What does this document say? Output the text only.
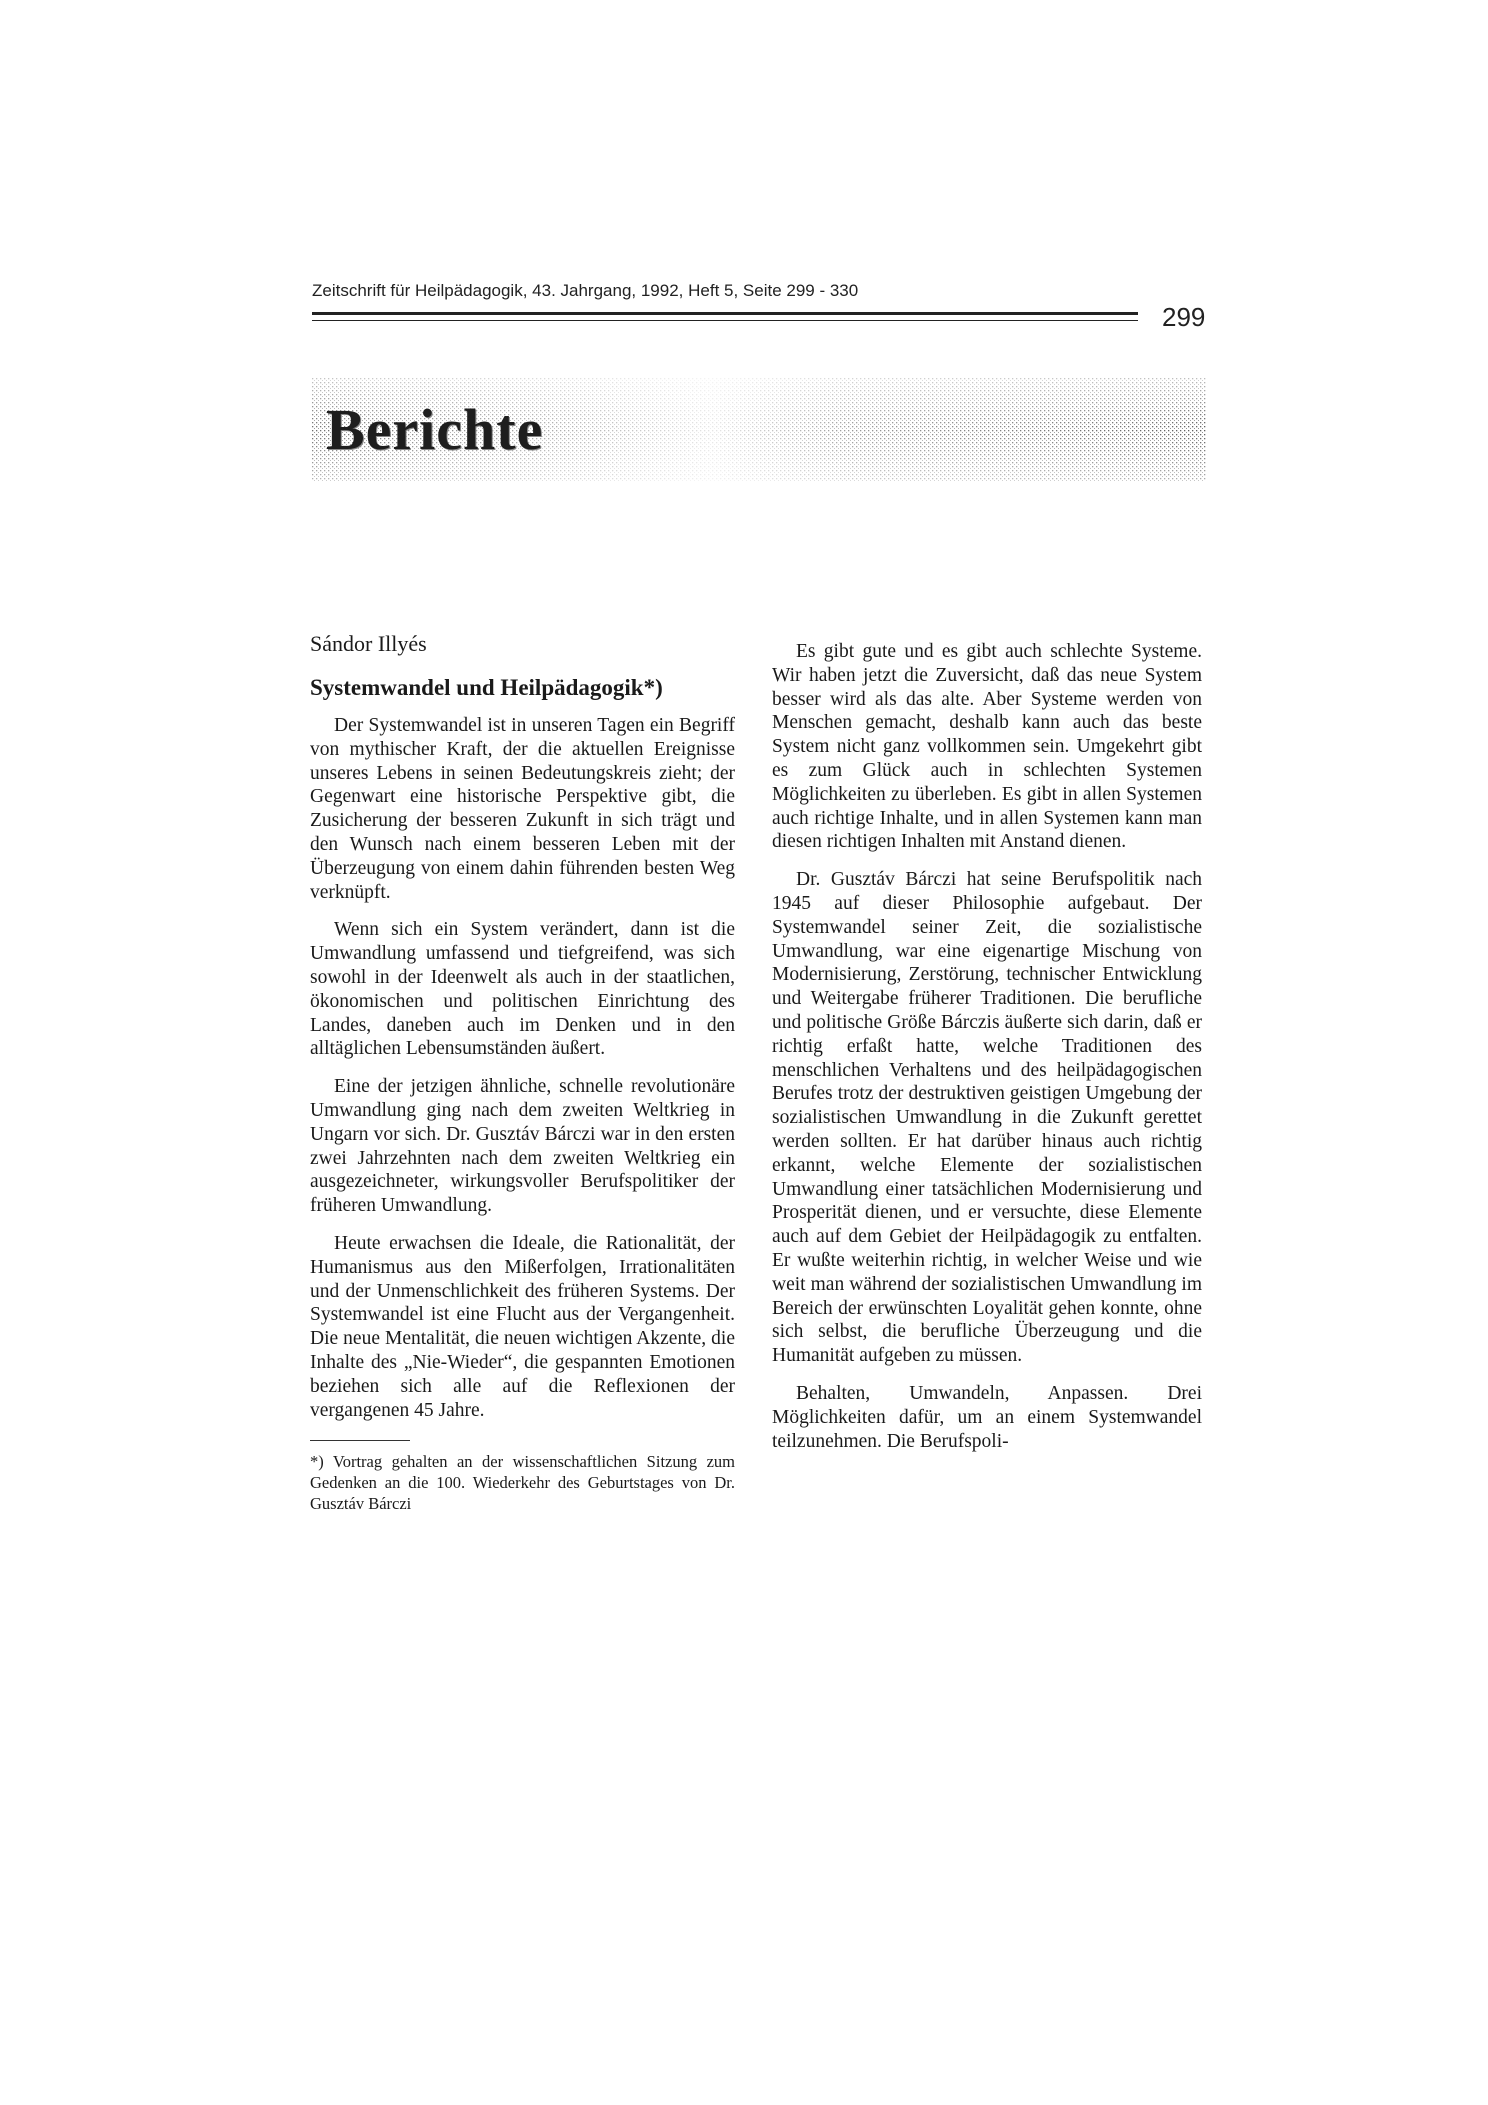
Zeitschrift für Heilpädagogik, 43. Jahrgang, 1992, Heft 5, Seite 299 - 330
299
Berichte
Sándor Illyés
Systemwandel und Heilpädagogik*)

Der Systemwandel ist in unseren Tagen ein Begriff von mythischer Kraft, der die aktuellen Ereignisse unseres Lebens in seinen Bedeutungskreis zieht; der Gegenwart eine historische Perspektive gibt, die Zusicherung der besseren Zukunft in sich trägt und den Wunsch nach einem besseren Leben mit der Überzeugung von einem dahin führenden besten Weg verknüpft.

Wenn sich ein System verändert, dann ist die Umwandlung umfassend und tiefgreifend, was sich sowohl in der Ideenwelt als auch in der staatlichen, ökonomischen und politischen Einrichtung des Landes, daneben auch im Denken und in den alltäglichen Lebensumständen äußert.

Eine der jetzigen ähnliche, schnelle revolutionäre Umwandlung ging nach dem zweiten Weltkrieg in Ungarn vor sich. Dr. Gusztáv Bárczi war in den ersten zwei Jahrzehnten nach dem zweiten Weltkrieg ein ausgezeichneter, wirkungsvoller Berufspolitiker der früheren Umwandlung.

Heute erwachsen die Ideale, die Rationalität, der Humanismus aus den Mißerfolgen, Irrationalitäten und der Unmenschlichkeit des früheren Systems. Der Systemwandel ist eine Flucht aus der Vergangenheit. Die neue Mentalität, die neuen wichtigen Akzente, die Inhalte des „Nie-Wieder“, die gespannten Emotionen beziehen sich alle auf die Reflexionen der vergangenen 45 Jahre.

*) Vortrag gehalten an der wissenschaftlichen Sitzung zum Gedenken an die 100. Wiederkehr des Geburtstages von Dr. Gusztáv Bárczi

Es gibt gute und es gibt auch schlechte Systeme. Wir haben jetzt die Zuversicht, daß das neue System besser wird als das alte. Aber Systeme werden von Menschen gemacht, deshalb kann auch das beste System nicht ganz vollkommen sein. Umgekehrt gibt es zum Glück auch in schlechten Systemen Möglichkeiten zu überleben. Es gibt in allen Systemen auch richtige Inhalte, und in allen Systemen kann man diesen richtigen Inhalten mit Anstand dienen.

Dr. Gusztáv Bárczi hat seine Berufspolitik nach 1945 auf dieser Philosophie aufgebaut. Der Systemwandel seiner Zeit, die sozialistische Umwandlung, war eine eigenartige Mischung von Modernisierung, Zerstörung, technischer Entwicklung und Weitergabe früherer Traditionen. Die berufliche und politische Größe Bárczis äußerte sich darin, daß er richtig erfaßt hatte, welche Traditionen des menschlichen Verhaltens und des heilpädagogischen Berufes trotz der destruktiven geistigen Umgebung der sozialistischen Umwandlung in die Zukunft gerettet werden sollten. Er hat darüber hinaus auch richtig erkannt, welche Elemente der sozialistischen Umwandlung einer tatsächlichen Modernisierung und Prosperität dienen, und er versuchte, diese Elemente auch auf dem Gebiet der Heilpädagogik zu entfalten. Er wußte weiterhin richtig, in welcher Weise und wie weit man während der sozialistischen Umwandlung im Bereich der erwünschten Loyalität gehen konnte, ohne sich selbst, die berufliche Überzeugung und die Humanität aufgeben zu müssen.

Behalten, Umwandeln, Anpassen. Drei Möglichkeiten dafür, um an einem Systemwandel teilzunehmen. Die Berufspoli-
